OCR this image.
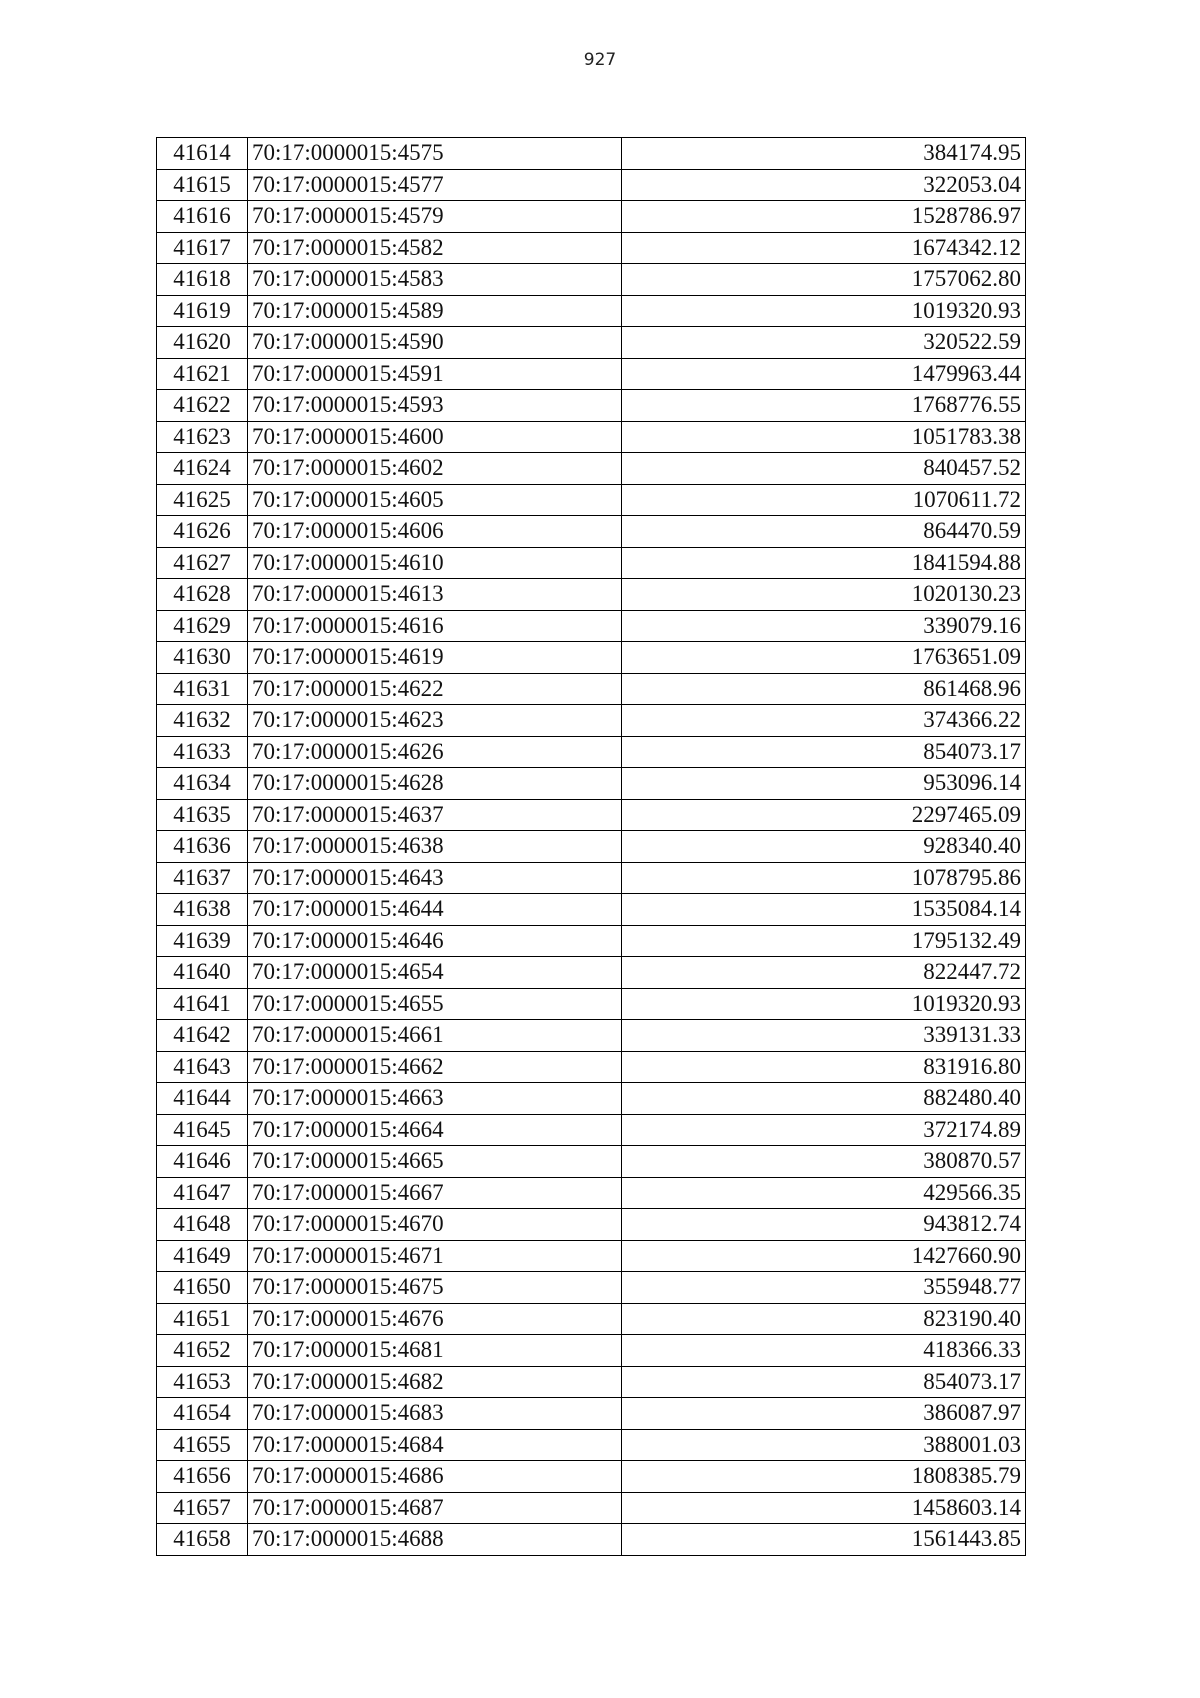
927
41614	70:17:0000015:4575	384174.95
41615	70:17:0000015:4577	322053.04
41616	70:17:0000015:4579	1528786.97
41617	70:17:0000015:4582	1674342.12
41618	70:17:0000015:4583	1757062.80
41619	70:17:0000015:4589	1019320.93
41620	70:17:0000015:4590	320522.59
41621	70:17:0000015:4591	1479963.44
41622	70:17:0000015:4593	1768776.55
41623	70:17:0000015:4600	1051783.38
41624	70:17:0000015:4602	840457.52
41625	70:17:0000015:4605	1070611.72
41626	70:17:0000015:4606	864470.59
41627	70:17:0000015:4610	1841594.88
41628	70:17:0000015:4613	1020130.23
41629	70:17:0000015:4616	339079.16
41630	70:17:0000015:4619	1763651.09
41631	70:17:0000015:4622	861468.96
41632	70:17:0000015:4623	374366.22
41633	70:17:0000015:4626	854073.17
41634	70:17:0000015:4628	953096.14
41635	70:17:0000015:4637	2297465.09
41636	70:17:0000015:4638	928340.40
41637	70:17:0000015:4643	1078795.86
41638	70:17:0000015:4644	1535084.14
41639	70:17:0000015:4646	1795132.49
41640	70:17:0000015:4654	822447.72
41641	70:17:0000015:4655	1019320.93
41642	70:17:0000015:4661	339131.33
41643	70:17:0000015:4662	831916.80
41644	70:17:0000015:4663	882480.40
41645	70:17:0000015:4664	372174.89
41646	70:17:0000015:4665	380870.57
41647	70:17:0000015:4667	429566.35
41648	70:17:0000015:4670	943812.74
41649	70:17:0000015:4671	1427660.90
41650	70:17:0000015:4675	355948.77
41651	70:17:0000015:4676	823190.40
41652	70:17:0000015:4681	418366.33
41653	70:17:0000015:4682	854073.17
41654	70:17:0000015:4683	386087.97
41655	70:17:0000015:4684	388001.03
41656	70:17:0000015:4686	1808385.79
41657	70:17:0000015:4687	1458603.14
41658	70:17:0000015:4688	1561443.85
